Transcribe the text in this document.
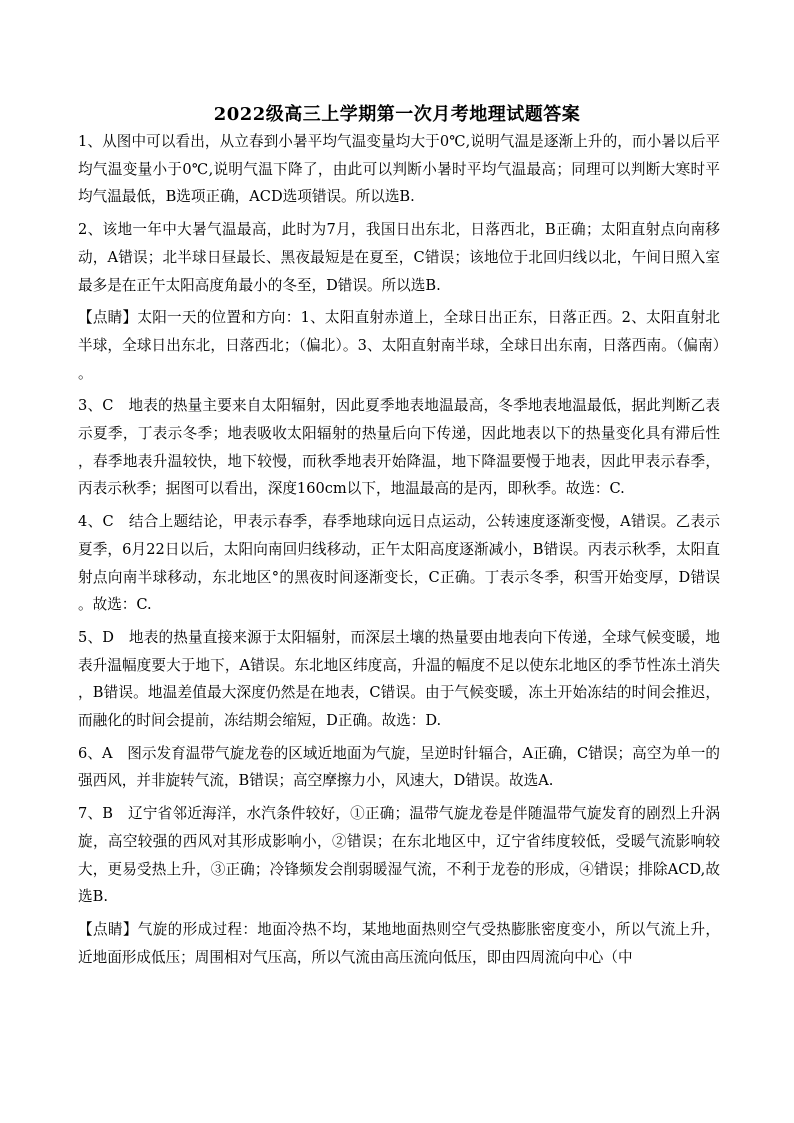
2022级高三上学期第一次月考地理试题答案

1、从图中可以看出，从立春到小暑平均气温变量均大于0℃,说明气温是逐渐上升的，而小暑以后平均气温变量小于0℃,说明气温下降了，由此可以判断小暑时平均气温最高；同理可以判断大寒时平均气温最低，B选项正确，ACD选项错误。所以选B.

2、该地一年中大暑气温最高，此时为7月，我国日出东北，日落西北，B正确；太阳直射点向南移动，A错误；北半球日昼最长、黑夜最短是在夏至，C错误；该地位于北回归线以北，午间日照入室最多是在正午太阳高度角最小的冬至，D错误。所以选B.

【点睛】太阳一天的位置和方向：1、太阳直射赤道上，全球日出正东，日落正西。2、太阳直射北半球，全球日出东北，日落西北；（偏北）。3、太阳直射南半球，全球日出东南，日落西南。（偏南）。

3、C　地表的热量主要来自太阳辐射，因此夏季地表地温最高，冬季地表地温最低，据此判断乙表示夏季，丁表示冬季；地表吸收太阳辐射的热量后向下传递，因此地表以下的热量变化具有滞后性，春季地表升温较快，地下较慢，而秋季地表开始降温，地下降温要慢于地表，因此甲表示春季，丙表示秋季；据图可以看出，深度160cm以下，地温最高的是丙，即秋季。故选：C.

4、C　结合上题结论，甲表示春季，春季地球向远日点运动，公转速度逐渐变慢，A错误。乙表示夏季，6月22日以后，太阳向南回归线移动，正午太阳高度逐渐减小，B错误。丙表示秋季，太阳直射点向南半球移动，东北地区°的黑夜时间逐渐变长，C正确。丁表示冬季，积雪开始变厚，D错误。故选：C.

5、D　地表的热量直接来源于太阳辐射，而深层土壤的热量要由地表向下传递，全球气候变暖，地表升温幅度要大于地下，A错误。东北地区纬度高，升温的幅度不足以使东北地区的季节性冻土消失，B错误。地温差值最大深度仍然是在地表，C错误。由于气候变暖，冻土开始冻结的时间会推迟，而融化的时间会提前，冻结期会缩短，D正确。故选：D.

6、A　图示发育温带气旋龙卷的区域近地面为气旋，呈逆时针辐合，A正确，C错误；高空为单一的强西风，并非旋转气流，B错误；高空摩擦力小，风速大，D错误。故选A.

7、B　辽宁省邻近海洋，水汽条件较好，①正确；温带气旋龙卷是伴随温带气旋发育的剧烈上升涡旋，高空较强的西风对其形成影响小，②错误；在东北地区中，辽宁省纬度较低，受暖气流影响较大，更易受热上升，③正确；冷锋频发会削弱暖湿气流，不利于龙卷的形成，④错误；排除ACD,故选B.

【点睛】气旋的形成过程：地面冷热不均，某地地面热则空气受热膨胀密度变小，所以气流上升，近地面形成低压；周围相对气压高，所以气流由高压流向低压，即由四周流向中心（中
